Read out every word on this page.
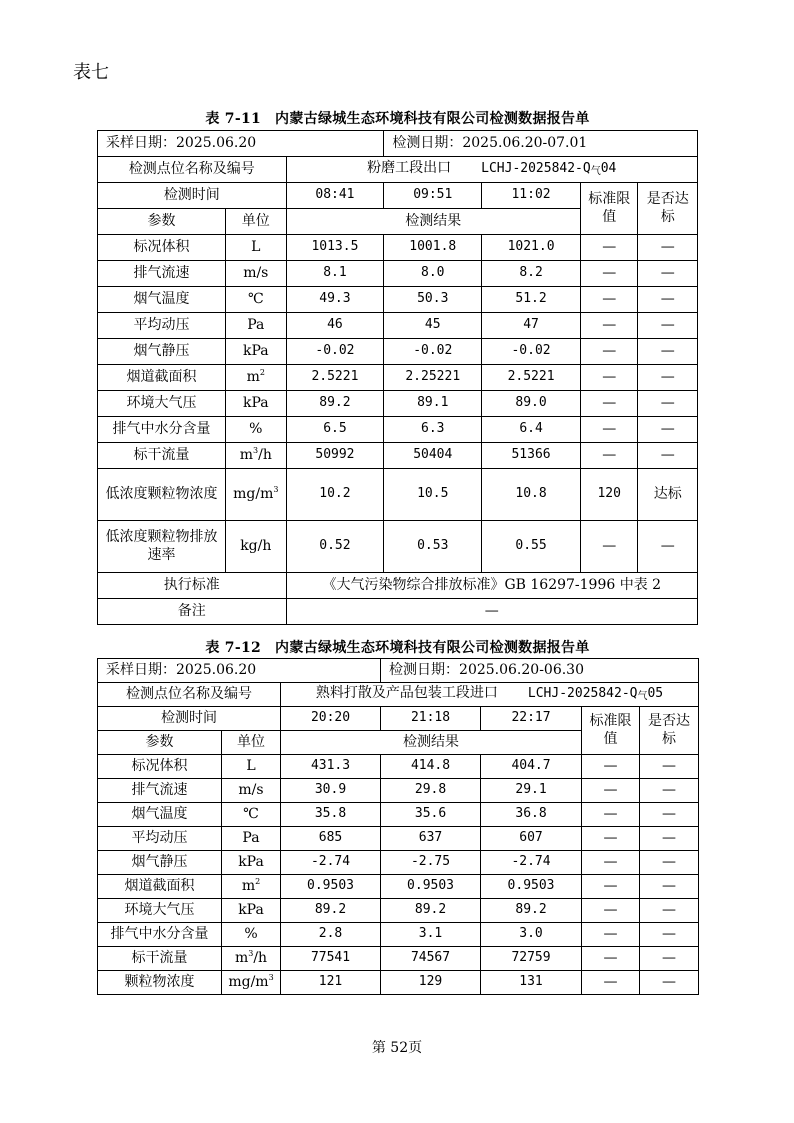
表七
表 7-11 内蒙古绿城生态环境科技有限公司检测数据报告单
采样日期：2025.06.20			检测日期：2025.06.20-07.01			
检测点位名称及编号		粉磨工段出口 LCHJ-$2025842-Q_气04$				
检测时间		08:41	09:51	11:02	标准限值	是否达标
参数	单位	检测结果				
标况体积	L	1013.5	1001.8	1021.0	—	—
排气流速	m/s	8.1	8.0	8.2	—	—
烟气温度	℃	49.3	50.3	51.2	—	—
平均动压	Pa	46	45	47	—	—
烟气静压	kPa	-0.02	-0.02	-0.02	—	—
烟道截面积	$m^2$	2.5221	2.25221	2.5221	—	—
环境大气压	kPa	89.2	89.1	89.0	—	—
排气中水分含量	%	6.5	6.3	6.4	—	—
标干流量	$m^3/h$	50992	50404	51366	—	—
低浓度颗粒物浓度	$mg/m^3$	10.2	10.5	10.8	120	达标
低浓度颗粒物排放速率	kg/h	0.52	0.53	0.55	—	—
执行标准		《大气污染物综合排放标准》GB 16297-1996 中表 2				
备注		—				
表 7-12 内蒙古绿城生态环境科技有限公司检测数据报告单
采样日期：2025.06.20			检测日期：2025.06.20-06.30			
检测点位名称及编号		熟料打散及产品包装工段进口 LCHJ-$2025842-Q_气05$				
检测时间		20:20	21:18	22:17	标准限值	是否达标
参数	单位	检测结果				
标况体积	L	431.3	414.8	404.7	—	—
排气流速	m/s	30.9	29.8	29.1	—	—
烟气温度	℃	35.8	35.6	36.8	—	—
平均动压	Pa	685	637	607	—	—
烟气静压	kPa	-2.74	-2.75	-2.74	—	—
烟道截面积	$m^2$	0.9503	0.9503	0.9503	—	—
环境大气压	kPa	89.2	89.2	89.2	—	—
排气中水分含量	%	2.8	3.1	3.0	—	—
标干流量	$m^3/h$	77541	74567	72759	—	—
颗粒物浓度	$mg/m^3$	121	129	131	—	—
第 52页
